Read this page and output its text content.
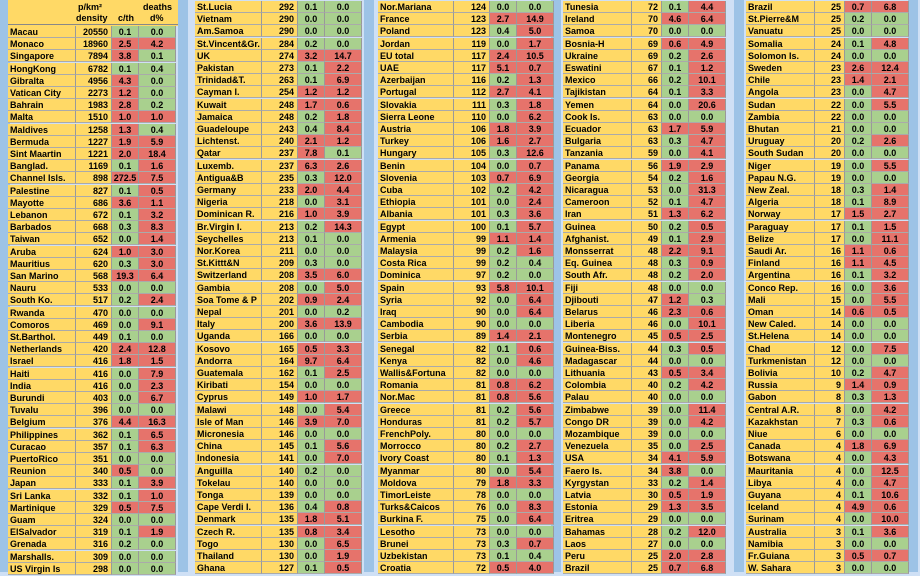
p/km²
density c/th
deaths
d%
Macau	20550	0.1	0.0
Monaco	18960	2.5	4.2
Singapore	7894	3.8	0.1
HongKong	6782	0.1	0.4
Gibralta	4956	4.3	0.0
Vatican City	2273	1.2	0.0
Bahrain	1983	2.8	0.2
Malta	1510	1.0	1.0
Maldives	1258	1.3	0.4
Bermuda	1227	1.9	5.9
Sint Maartin	1221	2.0	18.4
Banglad.	1169	0.1	1.6
Channel Isls.	898 272.5	7.5
Palestine	827	0.1	0.5
Mayotte	686	3.6	1.1
Lebanon	672	0.1	3.2
Barbados	668	0.3	8.3
Taiwan	652	0.0	1.4
Aruba	624	1.0	3.0
Mauritius	620	0.3	3.0
San Marino	568 19.3	6.4
Nauru	533	0.0	0.0
South Ko.	517	0.2	2.4
Rwanda	470	0.0	0.0
Comoros	469	0.0	9.1
St.Barthol.	449	0.1	0.0
Netherlands	420	2.4	12.8
Israel	416	1.8	1.5
Haiti	416	0.0	7.9
India	416	0.0	2.3
Burundi	403	0.0	6.7
Tuvalu	396	0.0	0.0
Belgium	376	4.4	16.3
Philippines	362	0.1	6.5
Curacao	357	0.1	6.3
PuertoRico	351	0.0	0.0
Reunion	340	0.5	0.0
Japan	333	0.1	3.9
Sri Lanka	332	0.1	1.0
Martinique	329	0.5	7.5
Guam	324	0.0	0.0
ElSalvador	319	0.1	1.9
Grenada	316	0.2	0.0
Marshalls.	309	0.0	0.0
US Virgin Is	298	0.0	0.0
St.Lucia	292	0.1	0.0
Vietnam	290	0.0	0.0
Am.Samoa	290	0.0	0.0
St.Vincent&Gr.	284	0.2	0.0
UK	274	3.2	14.7
Pakistan	273	0.1	2.2
Trinidad&T.	263	0.1	6.9
Cayman I.	254	1.2	1.2
Kuwait	248	1.7	0.6
Jamaica	248	0.2	1.8
Guadeloupe	243	0.4	8.4
Lichtenst.	240	2.1	1.2
Qatar	237	7.8	0.1
Luxemb.	237	6.3	2.6
Antigua&B	235	0.3	12.0
Germany	233	2.0	4.4
Nigeria	218	0.0	3.1
Dominican R.	216	1.0	3.9
Br.Virgin I.	213	0.2	14.3
Seychelles	213	0.1	0.0
Nor.Korea	211	0.0	0.0
St.Kittt&N	209	0.3	0.0
Switzerland	208	3.5	6.0
Gambia	208	0.0	5.0
Soa Tome & P	202	0.9	2.4
Nepal	201	0.0	0.2
Italy	200	3.6	13.9
Uganda	166	0.0	0.0
Kosovo	165	0.5	3.3
Andorra	164	9.7	6.4
Guatemala	162	0.1	2.5
Kiribati	154	0.0	0.0
Cyprus	149	1.0	1.7
Malawi	148	0.0	5.4
Isle of Man	146	3.9	7.0
Micronesia	146	0.0	0.0
China	145	0.1	5.6
Indonesia	141	0.0	7.0
Anguilla	140	0.2	0.0
Tokelau	140	0.0	0.0
Tonga	139	0.0	0.0
Cape Verdi I.	136	0.4	0.8
Denmark	135	1.8	5.1
Czech R.	135	0.8	3.4
Togo	130	0.0	6.5
Thailand	130	0.0	1.9
Ghana	127	0.1	0.5
Nor.Mariana	124	0.0	0.0
France	123	2.7	14.9
Poland	123	0.4	5.0
Jordan	119	0.0	1.7
EU total	117	2.4	10.5
UAE	117	5.1	0.7
Azerbaijan	116	0.2	1.3
Portugal	112	2.7	4.1
Slovakia	111	0.3	1.8
Sierra Leone	110	0.0	6.2
Austria	106	1.8	3.9
Turkey	106	1.6	2.7
Hungary	105	0.3	12.6
Benin	104	0.0	0.7
Slovenia	103	0.7	6.9
Cuba	102	0.2	4.2
Ethiopia	101	0.0	2.4
Albania	101	0.3	3.6
Egypt	100	0.1	5.7
Armenia	99	1.1	1.4
Malaysia	99	0.2	1.6
Costa Rica	99	0.2	0.4
Dominica	97	0.2	0.0
Spain	93	5.8	10.1
Syria	92	0.0	6.4
Iraq	90	0.0	6.4
Cambodia	90	0.0	0.0
Serbia	89	1.4	2.1
Senegal	82	0.1	0.6
Kenya	82	0.0	4.6
Wallis&Fortuna	82	0.0	0.0
Romania	81	0.8	6.2
Nor.Mac	81	0.8	5.6
Greece	81	0.2	5.6
Honduras	81	0.2	5.7
FrenchPoly.	80	0.0	0.0
Morrocco	80	0.2	2.7
Ivory Coast	80	0.1	1.3
Myanmar	80	0.0	5.4
Moldova	79	1.8	3.3
TimorLeiste	78	0.0	0.0
Turks&Caicos	76	0.0	8.3
Burkina F.	75	0.0	6.4
Lesotho	73	0.0	0.0
Brunei	73	0.3	0.7
Uzbekistan	73	0.1	0.4
Croatia	72	0.5	4.0
Tunesia	72	0.1	4.4
Ireland	70	4.6	6.4
Samoa	70	0.0	0.0
Bosnia-H	69	0.6	4.9
Ukraine	69	0.2	2.6
Eswatini	67	0.1	1.2
Mexico	66	0.2	10.1
Tajikistan	64	0.1	3.3
Yemen	64	0.0	20.6
Cook Is.	63	0.0	0.0
Ecuador	63	1.7	5.9
Bulgaria	63	0.3	4.7
Tanzania	59	0.0	4.1
Panama	56	1.9	2.9
Georgia	54	0.2	1.6
Nicaragua	53	0.0	31.3
Cameroon	52	0.1	4.7
Iran	51	1.3	6.2
Guinea	50	0.2	0.5
Afghanist.	49	0.1	2.9
Monsserrat	48	2.2	9.1
Eq. Guinea	48	0.3	0.9
South Afr.	48	0.2	2.0
Fiji	48	0.0	0.0
Djibouti	47	1.2	0.3
Belarus	46	2.3	0.6
Liberia	46	0.0	10.1
Montenegro	45	0.5	2.5
Guinea-Biss.	44	0.3	0.5
Madagascar	44	0.0	0.0
Lithuania	43	0.5	3.4
Colombia	40	0.2	4.2
Palau	40	0.0	0.0
Zimbabwe	39	0.0	11.4
Congo DR	39	0.0	4.2
Mozambique	39	0.0	0.0
Venezuela	35	0.0	2.5
USA	34	4.1	5.9
Faero Is.	34	3.8	0.0
Kyrgystan	33	0.2	1.4
Latvia	30	0.5	1.9
Estonia	29	1.3	3.5
Eritrea	29	0.0	0.0
Bahamas	28	0.2	12.0
Laos	27	0.0	0.0
Peru	25	2.0	2.8
Brazil	25	0.7	6.8
Brazil	25	0.7	6.8
St.Pierre&M	25	0.2	0.0
Vanuatu	25	0.0	0.0
Somalia	24	0.1	4.8
Solomon Is.	24	0.0	0.0
Sweden	23	2.6	12.4
Chile	23	1.4	2.1
Angola	23	0.0	4.7
Sudan	22	0.0	5.5
Zambia	22	0.0	0.0
Bhutan	21	0.0	0.0
Uruguay	20	0.2	2.6
South Sudan	20	0.0	0.0
Niger	19	0.0	5.5
Papau N.G.	19	0.0	0.0
New Zeal.	18	0.3	1.4
Algeria	18	0.1	8.9
Norway	17	1.5	2.7
Paraguay	17	0.1	1.5
Belize	17	0.0	11.1
Saudi Ar.	16	1.1	0.6
Finland	16	1.1	4.5
Argentina	16	0.1	3.2
Conco Rep.	16	0.0	3.6
Mali	15	0.0	5.5
Oman	14	0.6	0.5
New Caled.	14	0.0	0.0
St.Helena	14	0.0	0.0
Chad	12	0.0	7.5
Turkmenistan	12	0.0	0.0
Bolivia	10	0.2	4.7
Russia	9	1.4	0.9
Gabon	8	0.3	1.3
Central A.R.	8	0.0	4.2
Kazakhstan	7	0.3	0.6
Niue	6	0.0	0.0
Canada	4	1.8	6.9
Botswana	4	0.0	4.3
Mauritania	4	0.0	12.5
Libya	4	0.0	4.7
Guyana	4	0.1	10.6
Iceland	4	4.9	0.6
Surinam	4	0.0	10.0
Australia	3	0.1	3.6
Namibia	3	0.0	0.0
Fr.Guiana	3	0.5	0.7
W. Sahara	3	0.0	0.0
